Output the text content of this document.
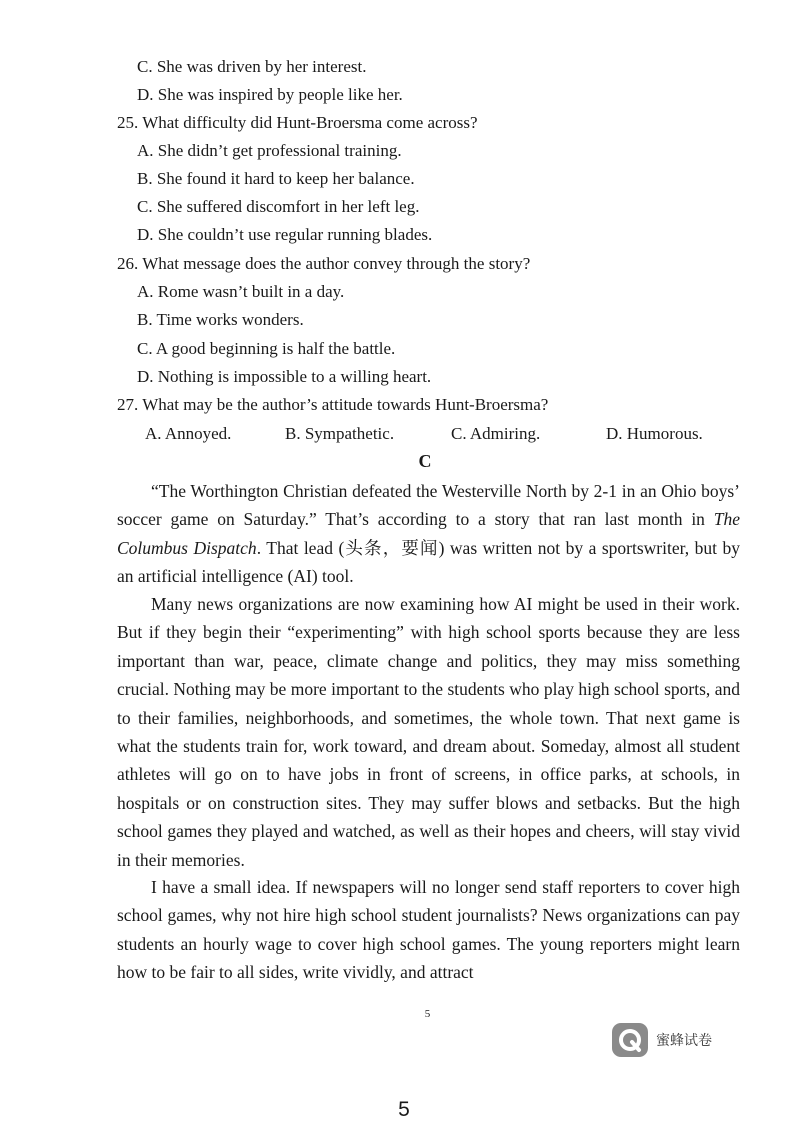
C. She was driven by her interest.
D. She was inspired by people like her.
25. What difficulty did Hunt-Broersma come across?
A. She didn’t get professional training.
B. She found it hard to keep her balance.
C. She suffered discomfort in her left leg.
D. She couldn’t use regular running blades.
26. What message does the author convey through the story?
A. Rome wasn’t built in a day.
B. Time works wonders.
C. A good beginning is half the battle.
D. Nothing is impossible to a willing heart.
27. What may be the author’s attitude towards Hunt-Broersma?
A. Annoyed.	B. Sympathetic.	C. Admiring.	D. Humorous.
C

“The Worthington Christian defeated the Westerville North by 2-1 in an Ohio boys’ soccer game on Saturday.” That’s according to a story that ran last month in The Columbus Dispatch. That lead (头条，要闻) was written not by a sportswriter, but by an artificial intelligence (AI) tool.

Many news organizations are now examining how AI might be used in their work. But if they begin their “experimenting” with high school sports because they are less important than war, peace, climate change and politics, they may miss something crucial. Nothing may be more important to the students who play high school sports, and to their families, neighborhoods, and sometimes, the whole town. That next game is what the students train for, work toward, and dream about. Someday, almost all student athletes will go on to have jobs in front of screens, in office parks, at schools, in hospitals or on construction sites. They may suffer blows and setbacks. But the high school games they played and watched, as well as their hopes and cheers, will stay vivid in their memories.

I have a small idea. If newspapers will no longer send staff reporters to cover high school games, why not hire high school student journalists? News organizations can pay students an hourly wage to cover high school games. The young reporters might learn how to be fair to all sides, write vividly, and attract

5
蜜蜂试卷
5
